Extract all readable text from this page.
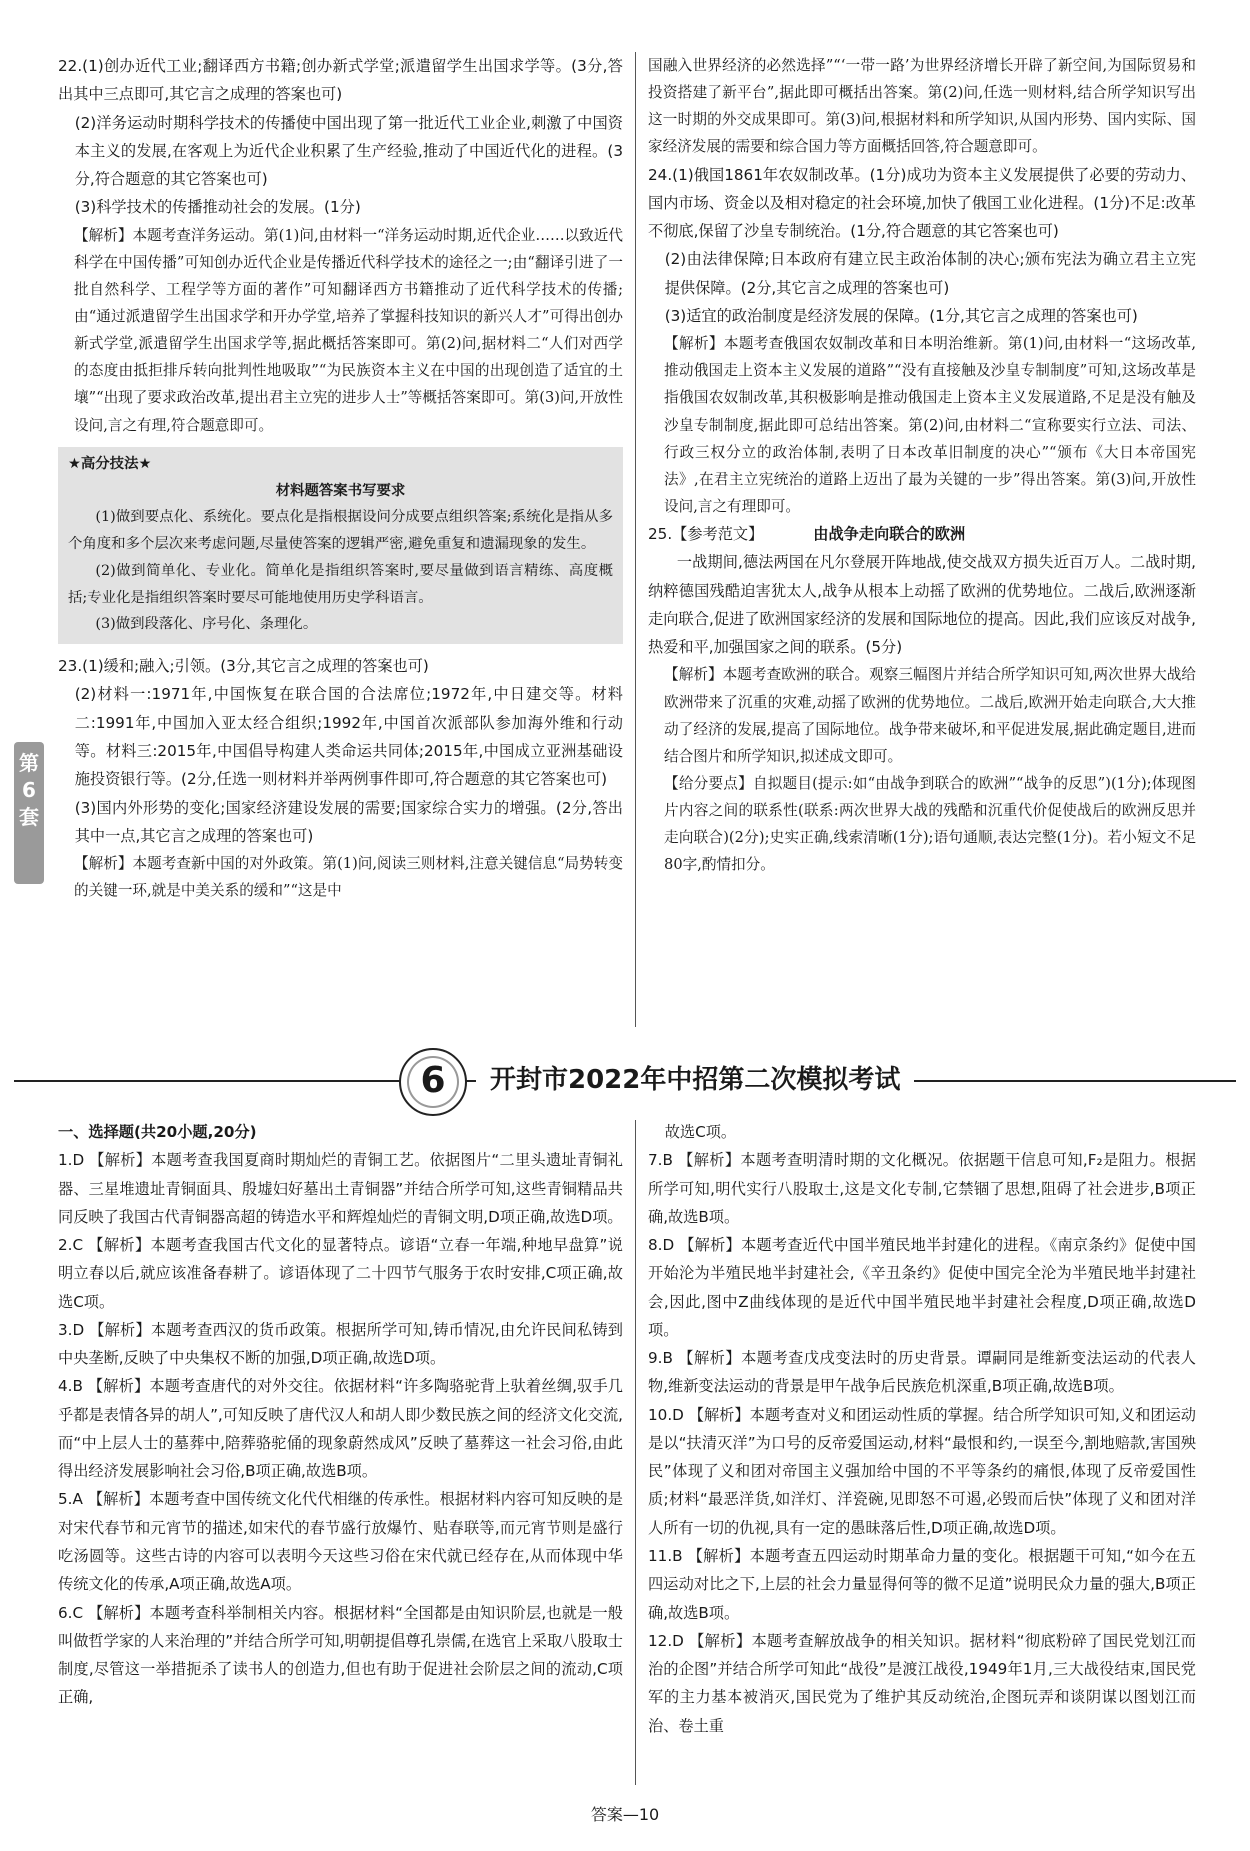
第6套

22.(1)创办近代工业;翻译西方书籍;创办新式学堂;派遣留学生出国求学等。(3分,答出其中三点即可,其它言之成理的答案也可)

(2)洋务运动时期科学技术的传播使中国出现了第一批近代工业企业,刺激了中国资本主义的发展,在客观上为近代企业积累了生产经验,推动了中国近代化的进程。(3分,符合题意的其它答案也可)

(3)科学技术的传播推动社会的发展。(1分)

【解析】本题考查洋务运动。第(1)问,由材料一“洋务运动时期,近代企业……以致近代科学在中国传播”可知创办近代企业是传播近代科学技术的途径之一;由“翻译引进了一批自然科学、工程学等方面的著作”可知翻译西方书籍推动了近代科学技术的传播;由“通过派遣留学生出国求学和开办学堂,培养了掌握科技知识的新兴人才”可得出创办新式学堂,派遣留学生出国求学等,据此概括答案即可。第(2)问,据材料二“人们对西学的态度由抵拒排斥转向批判性地吸取”“为民族资本主义在中国的出现创造了适宜的土壤”“出现了要求政治改革,提出君主立宪的进步人士”等概括答案即可。第(3)问,开放性设问,言之有理,符合题意即可。

★高分技法★
材料题答案书写要求

(1)做到要点化、系统化。要点化是指根据设问分成要点组织答案;系统化是指从多个角度和多个层次来考虑问题,尽量使答案的逻辑严密,避免重复和遗漏现象的发生。

(2)做到简单化、专业化。简单化是指组织答案时,要尽量做到语言精练、高度概括;专业化是指组织答案时要尽可能地使用历史学科语言。

(3)做到段落化、序号化、条理化。

23.(1)缓和;融入;引领。(3分,其它言之成理的答案也可)

(2)材料一:1971年,中国恢复在联合国的合法席位;1972年,中日建交等。材料二:1991年,中国加入亚太经合组织;1992年,中国首次派部队参加海外维和行动等。材料三:2015年,中国倡导构建人类命运共同体;2015年,中国成立亚洲基础设施投资银行等。(2分,任选一则材料并举两例事件即可,符合题意的其它答案也可)

(3)国内外形势的变化;国家经济建设发展的需要;国家综合实力的增强。(2分,答出其中一点,其它言之成理的答案也可)

【解析】本题考查新中国的对外政策。第(1)问,阅读三则材料,注意关键信息“局势转变的关键一环,就是中美关系的缓和”“这是中

国融入世界经济的必然选择”“‘一带一路’为世界经济增长开辟了新空间,为国际贸易和投资搭建了新平台”,据此即可概括出答案。第(2)问,任选一则材料,结合所学知识写出这一时期的外交成果即可。第(3)问,根据材料和所学知识,从国内形势、国内实际、国家经济发展的需要和综合国力等方面概括回答,符合题意即可。

24.(1)俄国1861年农奴制改革。(1分)成功为资本主义发展提供了必要的劳动力、国内市场、资金以及相对稳定的社会环境,加快了俄国工业化进程。(1分)不足:改革不彻底,保留了沙皇专制统治。(1分,符合题意的其它答案也可)

(2)由法律保障;日本政府有建立民主政治体制的决心;颁布宪法为确立君主立宪提供保障。(2分,其它言之成理的答案也可)

(3)适宜的政治制度是经济发展的保障。(1分,其它言之成理的答案也可)

【解析】本题考查俄国农奴制改革和日本明治维新。第(1)问,由材料一“这场改革,推动俄国走上资本主义发展的道路”“没有直接触及沙皇专制制度”可知,这场改革是指俄国农奴制改革,其积极影响是推动俄国走上资本主义发展道路,不足是没有触及沙皇专制制度,据此即可总结出答案。第(2)问,由材料二“宣称要实行立法、司法、行政三权分立的政治体制,表明了日本改革旧制度的决心”“颁布《大日本帝国宪法》,在君主立宪统治的道路上迈出了最为关键的一步”得出答案。第(3)问,开放性设问,言之有理即可。

25.【参考范文】	由战争走向联合的欧洲

一战期间,德法两国在凡尔登展开阵地战,使交战双方损失近百万人。二战时期,纳粹德国残酷迫害犹太人,战争从根本上动摇了欧洲的优势地位。二战后,欧洲逐渐走向联合,促进了欧洲国家经济的发展和国际地位的提高。因此,我们应该反对战争,热爱和平,加强国家之间的联系。(5分)

【解析】本题考查欧洲的联合。观察三幅图片并结合所学知识可知,两次世界大战给欧洲带来了沉重的灾难,动摇了欧洲的优势地位。二战后,欧洲开始走向联合,大大推动了经济的发展,提高了国际地位。战争带来破坏,和平促进发展,据此确定题目,进而结合图片和所学知识,拟述成文即可。

【给分要点】自拟题目(提示:如“由战争到联合的欧洲”“战争的反思”)(1分);体现图片内容之间的联系性(联系:两次世界大战的残酷和沉重代价促使战后的欧洲反思并走向联合)(2分);史实正确,线索清晰(1分);语句通顺,表达完整(1分)。若小短文不足80字,酌情扣分。

6	开封市2022年中招第二次模拟考试

一、选择题(共20小题,20分)

1.D 【解析】本题考查我国夏商时期灿烂的青铜工艺。依据图片“二里头遗址青铜礼器、三星堆遗址青铜面具、殷墟妇好墓出土青铜器”并结合所学可知,这些青铜精品共同反映了我国古代青铜器高超的铸造水平和辉煌灿烂的青铜文明,D项正确,故选D项。

2.C 【解析】本题考查我国古代文化的显著特点。谚语“立春一年端,种地早盘算”说明立春以后,就应该准备春耕了。谚语体现了二十四节气服务于农时安排,C项正确,故选C项。

3.D 【解析】本题考查西汉的货币政策。根据所学可知,铸币情况,由允许民间私铸到中央垄断,反映了中央集权不断的加强,D项正确,故选D项。

4.B 【解析】本题考查唐代的对外交往。依据材料“许多陶骆驼背上驮着丝绸,驭手几乎都是表情各异的胡人”,可知反映了唐代汉人和胡人即少数民族之间的经济文化交流,而“中上层人士的墓葬中,陪葬骆驼俑的现象蔚然成风”反映了墓葬这一社会习俗,由此得出经济发展影响社会习俗,B项正确,故选B项。

5.A 【解析】本题考查中国传统文化代代相继的传承性。根据材料内容可知反映的是对宋代春节和元宵节的描述,如宋代的春节盛行放爆竹、贴春联等,而元宵节则是盛行吃汤圆等。这些古诗的内容可以表明今天这些习俗在宋代就已经存在,从而体现中华传统文化的传承,A项正确,故选A项。

6.C 【解析】本题考查科举制相关内容。根据材料“全国都是由知识阶层,也就是一般叫做哲学家的人来治理的”并结合所学可知,明朝提倡尊孔崇儒,在选官上采取八股取士制度,尽管这一举措扼杀了读书人的创造力,但也有助于促进社会阶层之间的流动,C项正确,

故选C项。

7.B 【解析】本题考查明清时期的文化概况。依据题干信息可知,F₂是阻力。根据所学可知,明代实行八股取士,这是文化专制,它禁锢了思想,阻碍了社会进步,B项正确,故选B项。

8.D 【解析】本题考查近代中国半殖民地半封建化的进程。《南京条约》促使中国开始沦为半殖民地半封建社会,《辛丑条约》促使中国完全沦为半殖民地半封建社会,因此,图中Z曲线体现的是近代中国半殖民地半封建社会程度,D项正确,故选D项。

9.B 【解析】本题考查戊戌变法时的历史背景。谭嗣同是维新变法运动的代表人物,维新变法运动的背景是甲午战争后民族危机深重,B项正确,故选B项。

10.D 【解析】本题考查对义和团运动性质的掌握。结合所学知识可知,义和团运动是以“扶清灭洋”为口号的反帝爱国运动,材料“最恨和约,一误至今,割地赔款,害国殃民”体现了义和团对帝国主义强加给中国的不平等条约的痛恨,体现了反帝爱国性质;材料“最恶洋货,如洋灯、洋瓷碗,见即怒不可遏,必毁而后快”体现了义和团对洋人所有一切的仇视,具有一定的愚昧落后性,D项正确,故选D项。

11.B 【解析】本题考查五四运动时期革命力量的变化。根据题干可知,“如今在五四运动对比之下,上层的社会力量显得何等的微不足道”说明民众力量的强大,B项正确,故选B项。

12.D 【解析】本题考查解放战争的相关知识。据材料“彻底粉碎了国民党划江而治的企图”并结合所学可知此“战役”是渡江战役,1949年1月,三大战役结束,国民党军的主力基本被消灭,国民党为了维护其反动统治,企图玩弄和谈阴谋以图划江而治、卷土重

答案—10
